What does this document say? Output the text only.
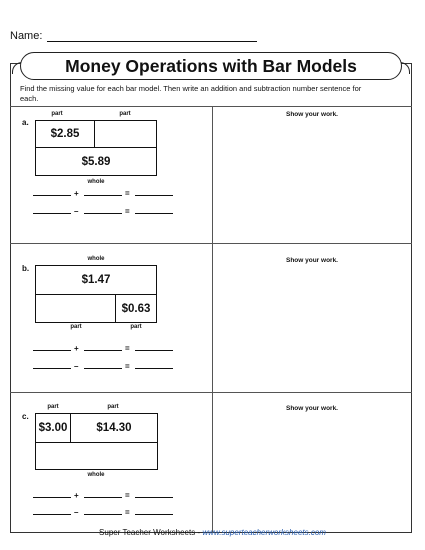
Name:
Money Operations with Bar Models
Find the missing value for each bar model. Then write an addition and subtraction number sentence for each.
Show your work.
a.
part	part
$2.85
$5.89
whole
+	=
–	=
Show your work.
b.
whole
$1.47
$0.63
part	part
+	=
–	=
Show your work.
c.
part	part
$3.00	$14.30
whole
+	=
–	=
Super Teacher Worksheets - www.superteacherworksheets.com
